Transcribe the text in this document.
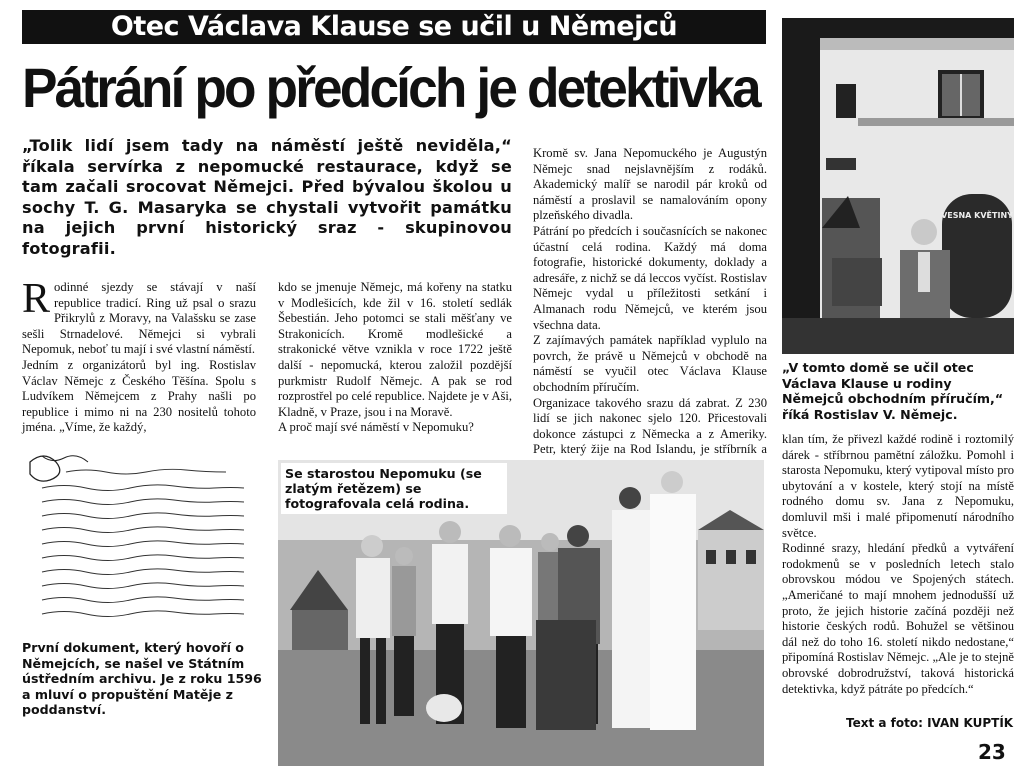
Otec Václava Klause se učil u Němejců
Pátrání po předcích je detektivka
„Tolik lidí jsem tady na náměstí ještě neviděla,“ říkala servírka z nepomucké restaurace, když se tam začali srocovat Němejci. Před bývalou školou u sochy T. G. Masaryka se chystali vytvořit památku na jejich první historický sraz - skupinovou fotografii.

Rodinné sjezdy se stávají v naší republice tradicí. Ring už psal o srazu Přikrylů z Moravy, na Valašsku se zase sešli Strnadelové. Němejci si vybrali Nepomuk, neboť tu mají i své vlastní náměstí.

Jedním z organizátorů byl ing. Rostislav Václav Němejc z Českého Těšína. Spolu s Ludvíkem Němejcem z Prahy našli po republice i mimo ni na 230 nositelů tohoto jména. „Víme, že každý,

kdo se jmenuje Němejc, má kořeny na statku v Modlešicích, kde žil v 16. století sedlák Šebestián. Jeho potomci se stali měšťany ve Strakonicích. Kromě modlešické a strakonické větve vznikla v roce 1722 ještě další - nepomucká, kterou založil pozdější purkmistr Rudolf Němejc. A pak se rod rozprostřel po celé republice. Najdete je v Aši, Kladně, v Praze, jsou i na Moravě.

A proč mají své náměstí v Nepomuku?

Kromě sv. Jana Nepomuckého je Augustýn Němejc snad nejslavnějším z rodáků. Akademický malíř se narodil pár kroků od náměstí a proslavil se namalováním opony plzeňského divadla.

Pátrání po předcích i současnících se nakonec účastní celá rodina. Každý má doma fotografie, historické dokumenty, doklady a adresáře, z nichž se dá leccos vyčíst. Rostislav Němejc vydal u příležitosti setkání i Almanach rodu Němejců, ve kterém jsou všechna data.

Z zajímavých památek například vyplulo na povrch, že právě u Němejců v obchodě na náměstí se vyučil otec Václava Klause obchodním příručím.

Organizace takového srazu dá zabrat. Z 230 lidí se jich nakonec sjelo 120. Přicestovali dokonce zástupci z Německa a z Ameriky. Petr, který žije na Rod Islandu, je stříbrník a

klan tím, že přivezl každé rodině i roztomilý dárek - stříbrnou pamětní záložku. Pomohl i starosta Nepomuku, který vytipoval místo pro ubytování a v kostele, který stojí na místě rodného domu sv. Jana z Nepomuku, domluvil mši i malé připomenutí národního světce.

Rodinné srazy, hledání předků a vytváření rodokmenů se v posledních letech stalo obrovskou módou ve Spojených státech. „Američané to mají mnohem jednodušší už proto, že jejich historie začíná později než historie českých rodů. Bohužel se většinou dál než do toho 16. století nikdo nedostane,“ připomíná Rostislav Němejc. „Ale je to stejně obrovské dobrodružství, taková historická detektivka, když pátráte po předcích.“

VESNA KVĚTINY
„V tomto domě se učil otec Václava Klause u rodiny Němejců obchodním příručím,“ říká Rostislav V. Němejc.
První dokument, který hovoří o Němejcích, se našel ve Státním ústředním archivu. Je z roku 1596 a mluví o propuštění Matěje z poddanství.
Se starostou Nepomuku (se zlatým řetězem) se fotografovala celá rodina.
Text a foto: IVAN KUPTÍK
23
